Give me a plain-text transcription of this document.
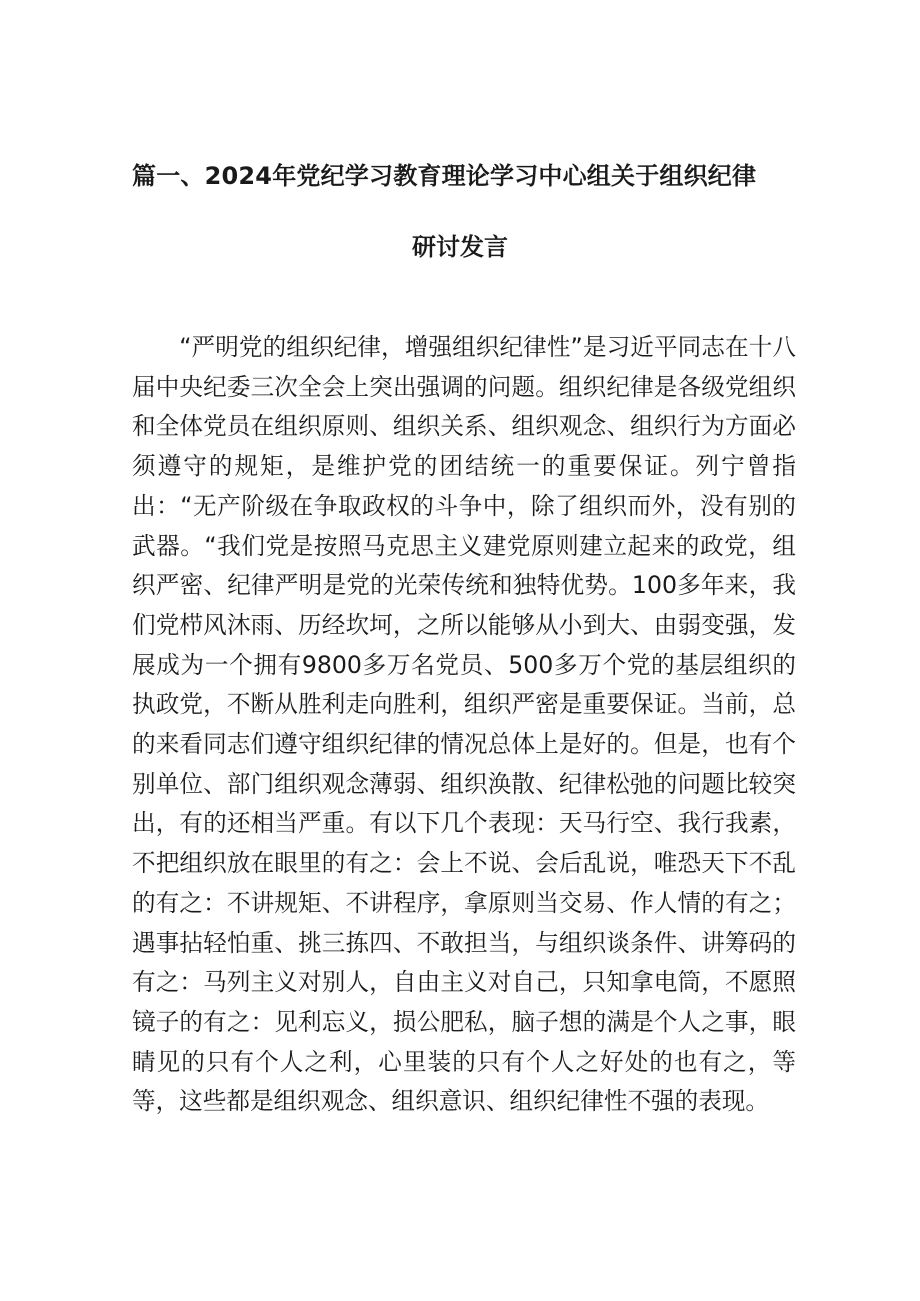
篇一、2024年党纪学习教育理论学习中心组关于组织纪律
研讨发言

“严明党的组织纪律，增强组织纪律性”是习近平同志在十八届中央纪委三次全会上突出强调的问题。组织纪律是各级党组织和全体党员在组织原则、组织关系、组织观念、组织行为方面必须遵守的规矩，是维护党的团结统一的重要保证。列宁曾指出：“无产阶级在争取政权的斗争中，除了组织而外，没有别的武器。“我们党是按照马克思主义建党原则建立起来的政党，组织严密、纪律严明是党的光荣传统和独特优势。100多年来，我们党栉风沐雨、历经坎坷，之所以能够从小到大、由弱变强，发展成为一个拥有9800多万名党员、500多万个党的基层组织的执政党，不断从胜利走向胜利，组织严密是重要保证。当前，总的来看同志们遵守组织纪律的情况总体上是好的。但是，也有个别单位、部门组织观念薄弱、组织涣散、纪律松弛的问题比较突出，有的还相当严重。有以下几个表现：天马行空、我行我素，不把组织放在眼里的有之：会上不说、会后乱说，唯恐天下不乱的有之：不讲规矩、不讲程序，拿原则当交易、作人情的有之；遇事拈轻怕重、挑三拣四、不敢担当，与组织谈条件、讲筹码的有之：马列主义对别人，自由主义对自己，只知拿电筒，不愿照镜子的有之：见利忘义，损公肥私，脑子想的满是个人之事，眼睛见的只有个人之利，心里装的只有个人之好处的也有之，等等，这些都是组织观念、组织意识、组织纪律性不强的表现。
